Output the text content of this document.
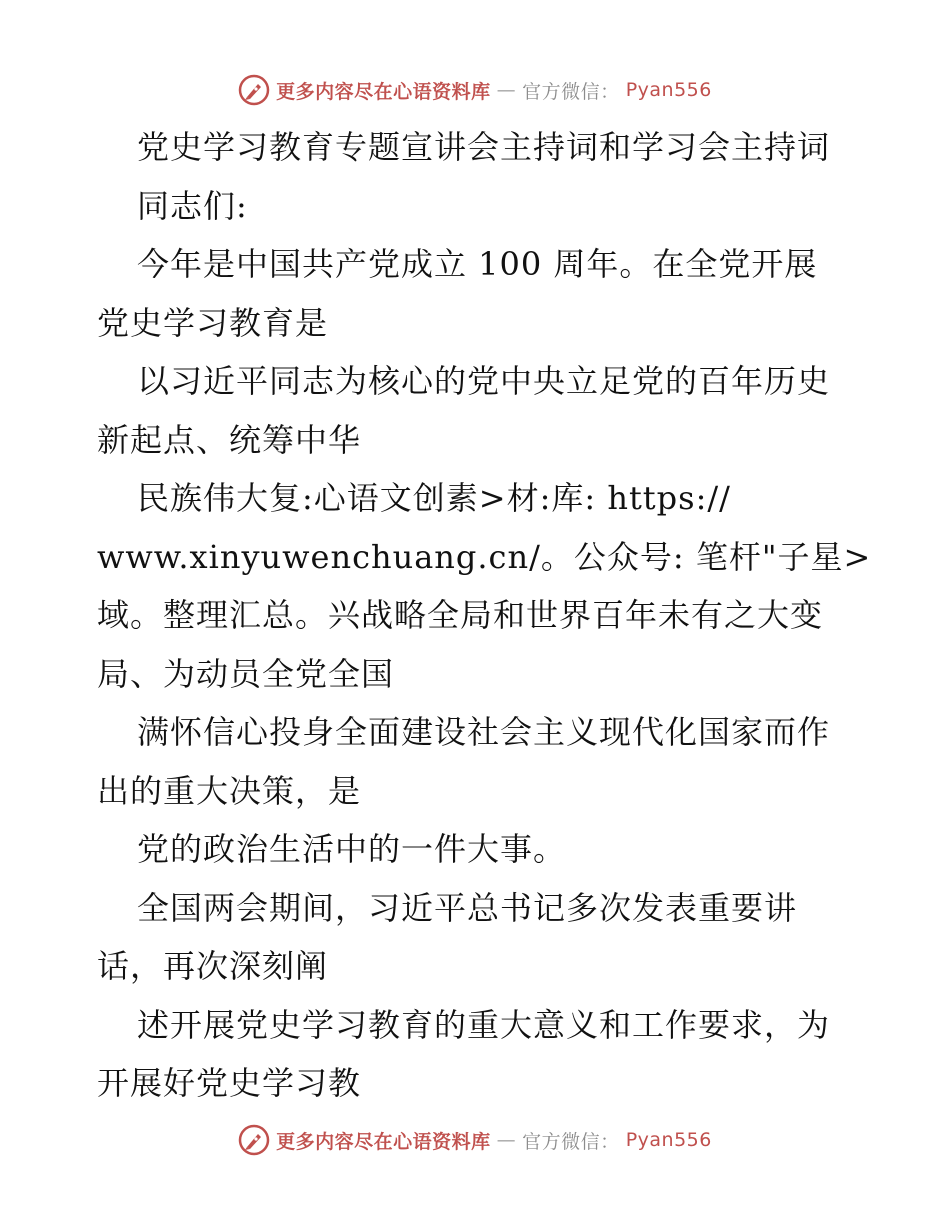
更多内容尽在心语资料库 — 官方微信： Pyan556
党史学习教育专题宣讲会主持词和学习会主持词
同志们:
今年是中国共产党成立 100 周年。在全党开展
党史学习教育是
以习近平同志为核心的党中央立足党的百年历史
新起点、统筹中华
民族伟大复:心语文创素>材:库: https://
www.xinyuwenchuang.cn/。公众号: 笔杆"子星>
域。整理汇总。兴战略全局和世界百年未有之大变
局、为动员全党全国
满怀信心投身全面建设社会主义现代化国家而作
出的重大决策，是
党的政治生活中的一件大事。
全国两会期间，习近平总书记多次发表重要讲
话，再次深刻阐
述开展党史学习教育的重大意义和工作要求，为
开展好党史学习教
更多内容尽在心语资料库 — 官方微信： Pyan556
